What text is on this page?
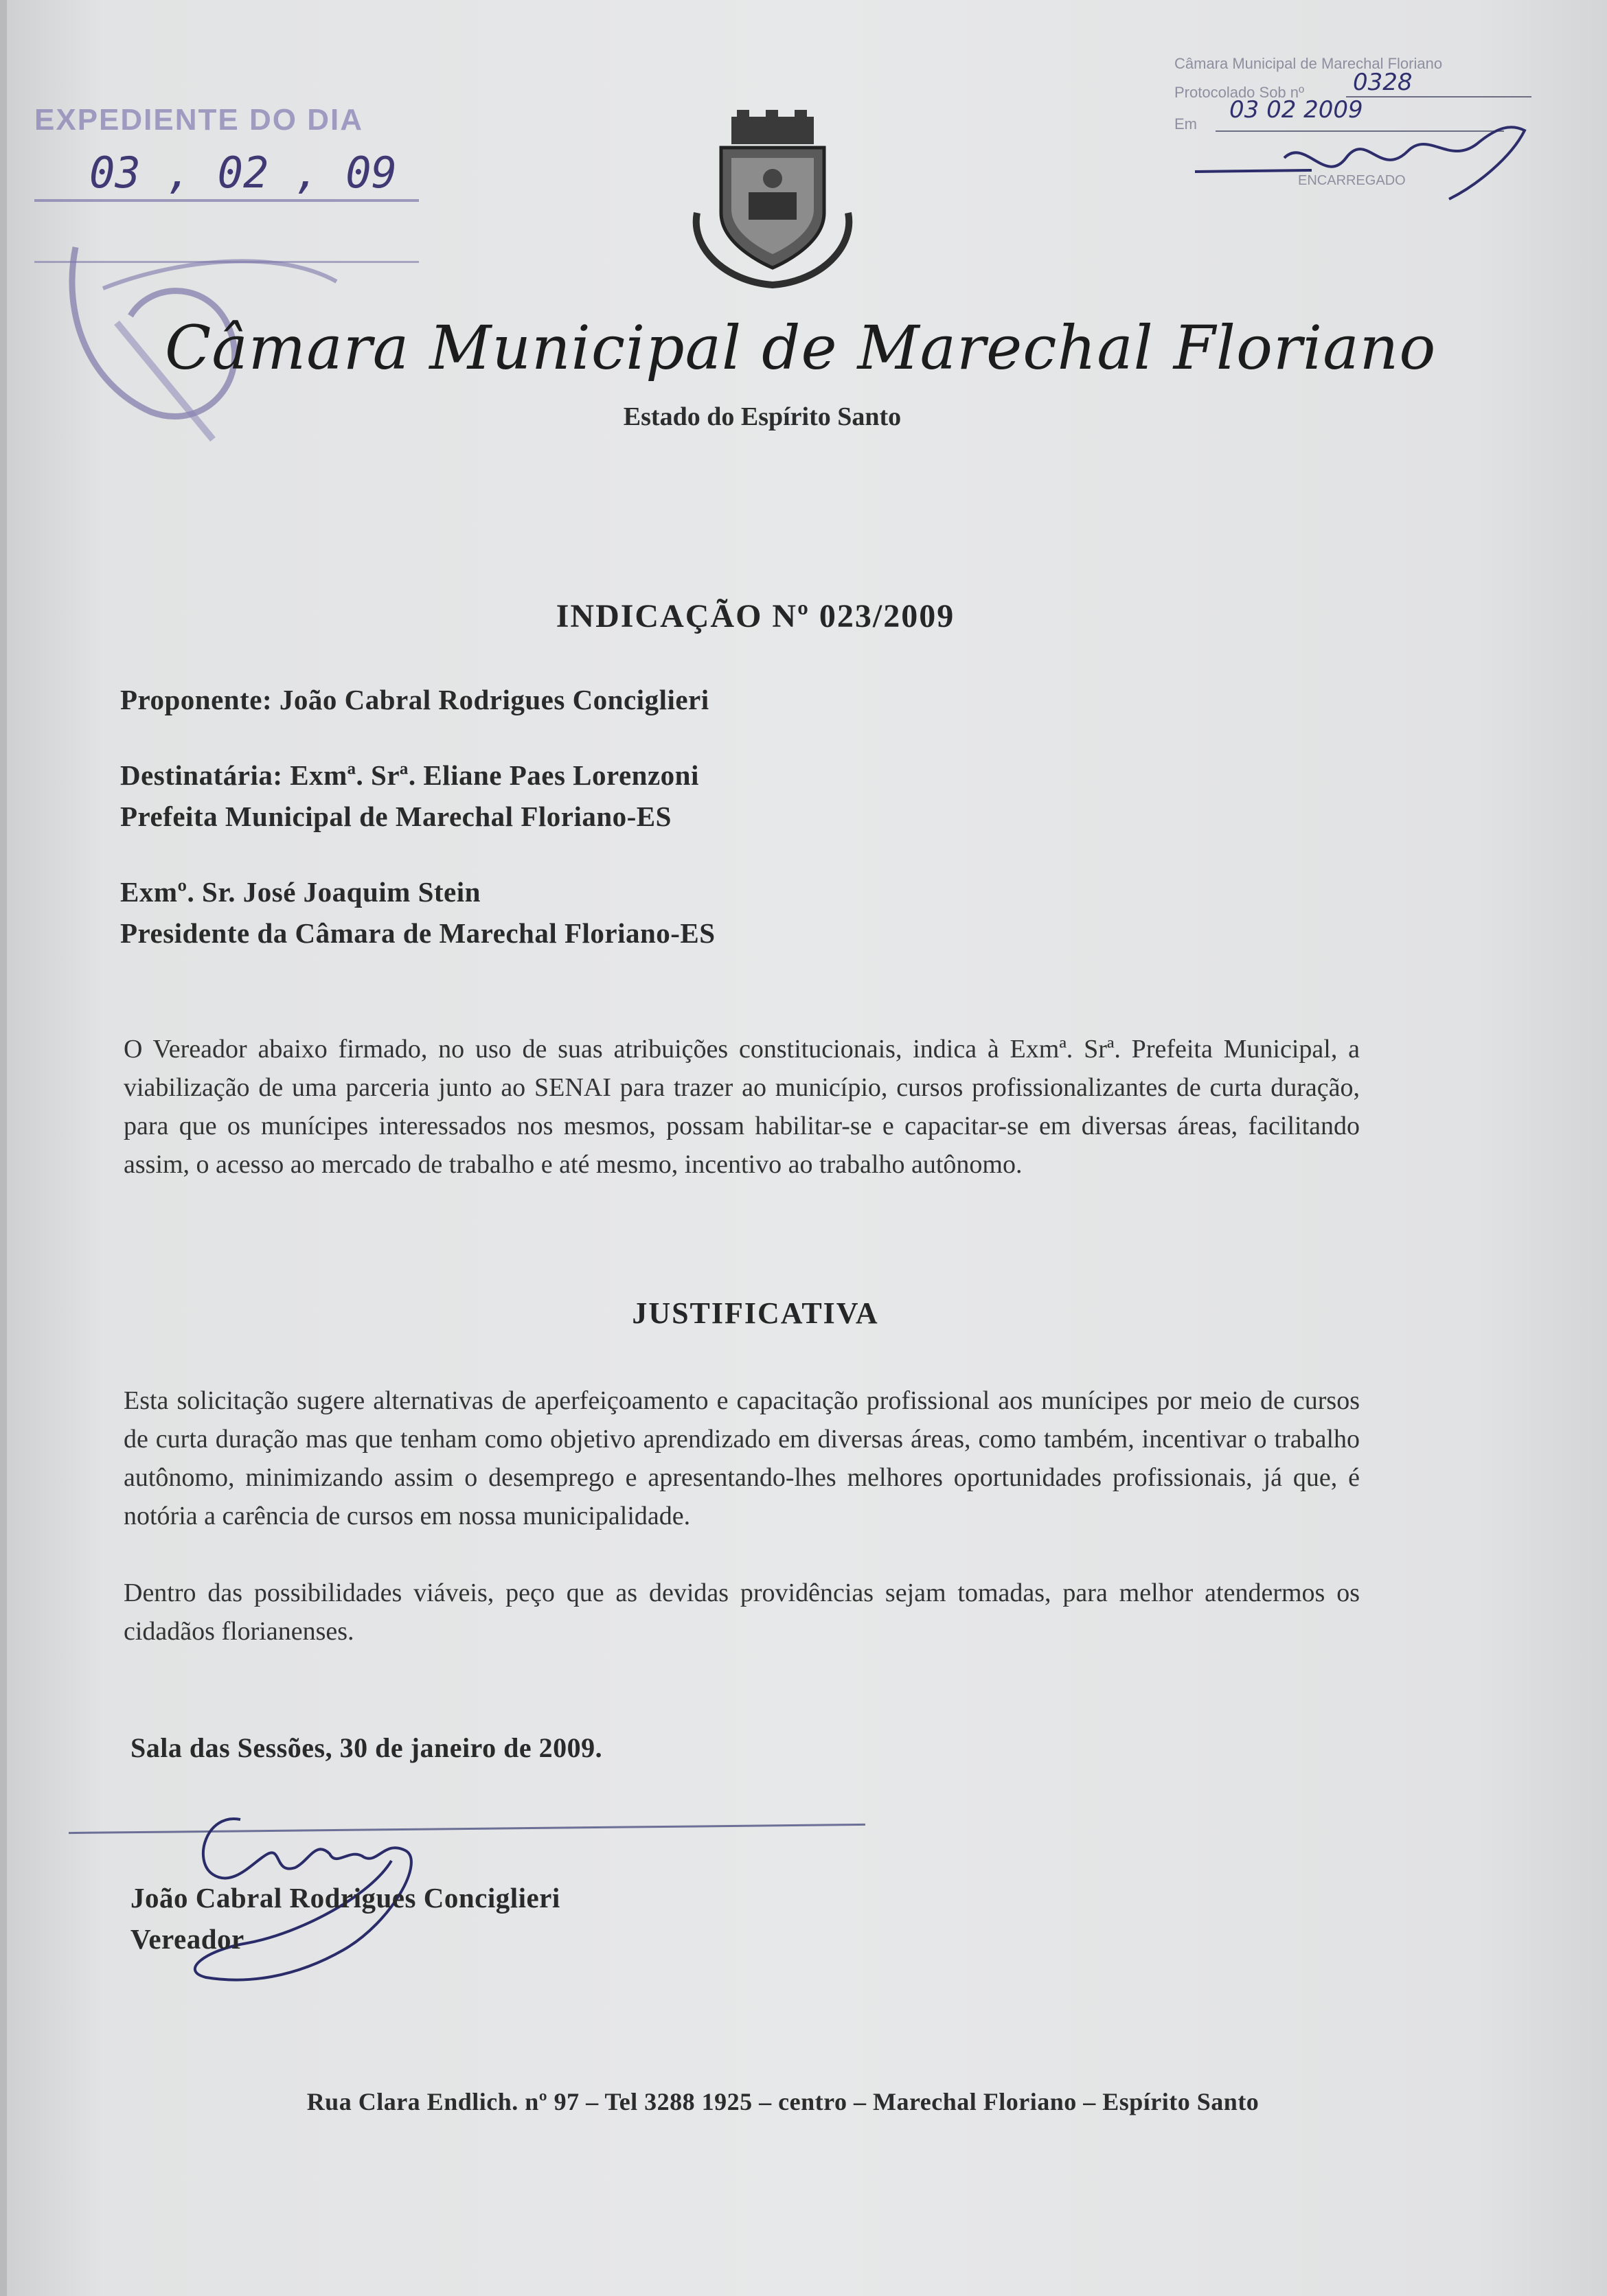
EXPEDIENTE DO DIA
03 , 02 , 09
Câmara Municipal de Marechal Floriano
Protocolado Sob nº 0328
Em
03 02 2009
ENCARREGADO
Câmara Municipal de Marechal Floriano
Estado do Espírito Santo
INDICAÇÃO Nº 023/2009
Proponente: João Cabral Rodrigues Conciglieri
Destinatária: Exmª. Srª. Eliane Paes Lorenzoni
Prefeita Municipal de Marechal Floriano-ES
Exmº. Sr. José Joaquim Stein
Presidente da Câmara de Marechal Floriano-ES
O Vereador abaixo firmado, no uso de suas atribuições constitucionais, indica à Exmª. Srª. Prefeita Municipal, a viabilização de uma parceria junto ao SENAI para trazer ao município, cursos profissionalizantes de curta duração, para que os munícipes interessados nos mesmos, possam habilitar-se e capacitar-se em diversas áreas, facilitando assim, o acesso ao mercado de trabalho e até mesmo, incentivo ao trabalho autônomo.
JUSTIFICATIVA
Esta solicitação sugere alternativas de aperfeiçoamento e capacitação profissional aos munícipes por meio de cursos de curta duração mas que tenham como objetivo aprendizado em diversas áreas, como também, incentivar o trabalho autônomo, minimizando assim o desemprego e apresentando-lhes melhores oportunidades profissionais, já que, é notória a carência de cursos em nossa municipalidade.
Dentro das possibilidades viáveis, peço que as devidas providências sejam tomadas, para melhor atendermos os cidadãos florianenses.
Sala das Sessões, 30 de janeiro de 2009.
João Cabral Rodrigues Conciglieri
Vereador
Rua Clara Endlich. nº 97 – Tel 3288 1925 – centro – Marechal Floriano – Espírito Santo
